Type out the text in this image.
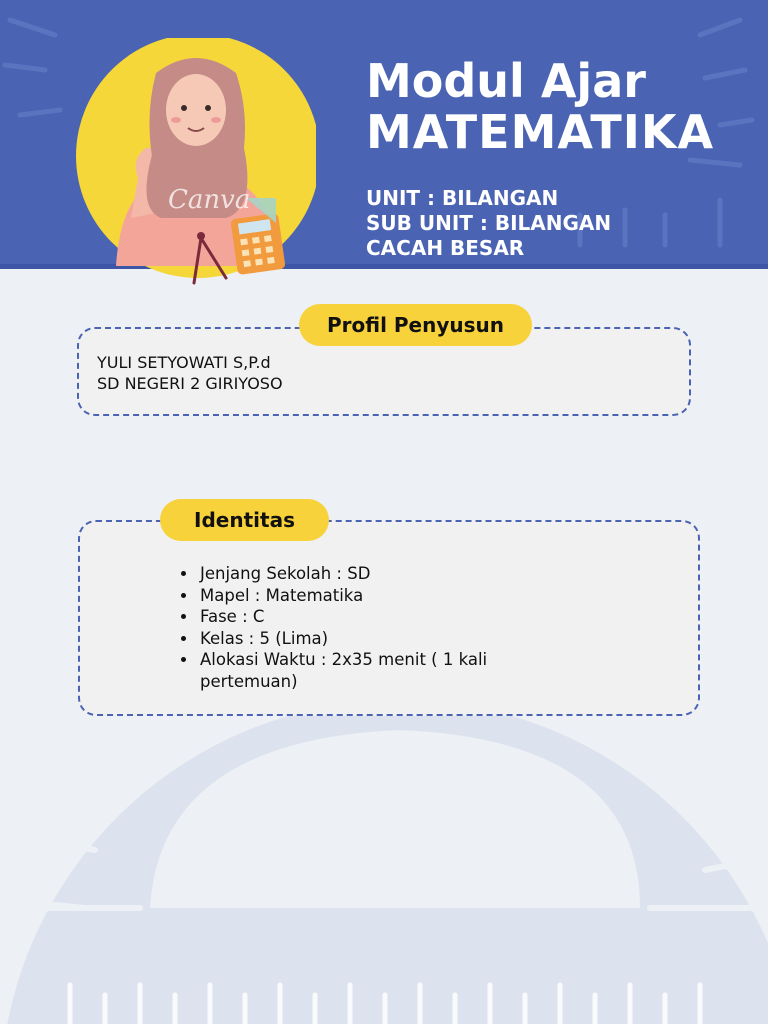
Canva
Modul Ajar
MATEMATIKA
UNIT : BILANGAN
SUB UNIT : BILANGAN
CACAH BESAR
Profil Penyusun
YULI SETYOWATI S,P.d
SD NEGERI 2 GIRIYOSO
Identitas
• Jenjang Sekolah : SD
• Mapel : Matematika
• Fase : C
• Kelas : 5 (Lima)
• Alokasi Waktu : 2x35 menit ( 1 kali pertemuan)
